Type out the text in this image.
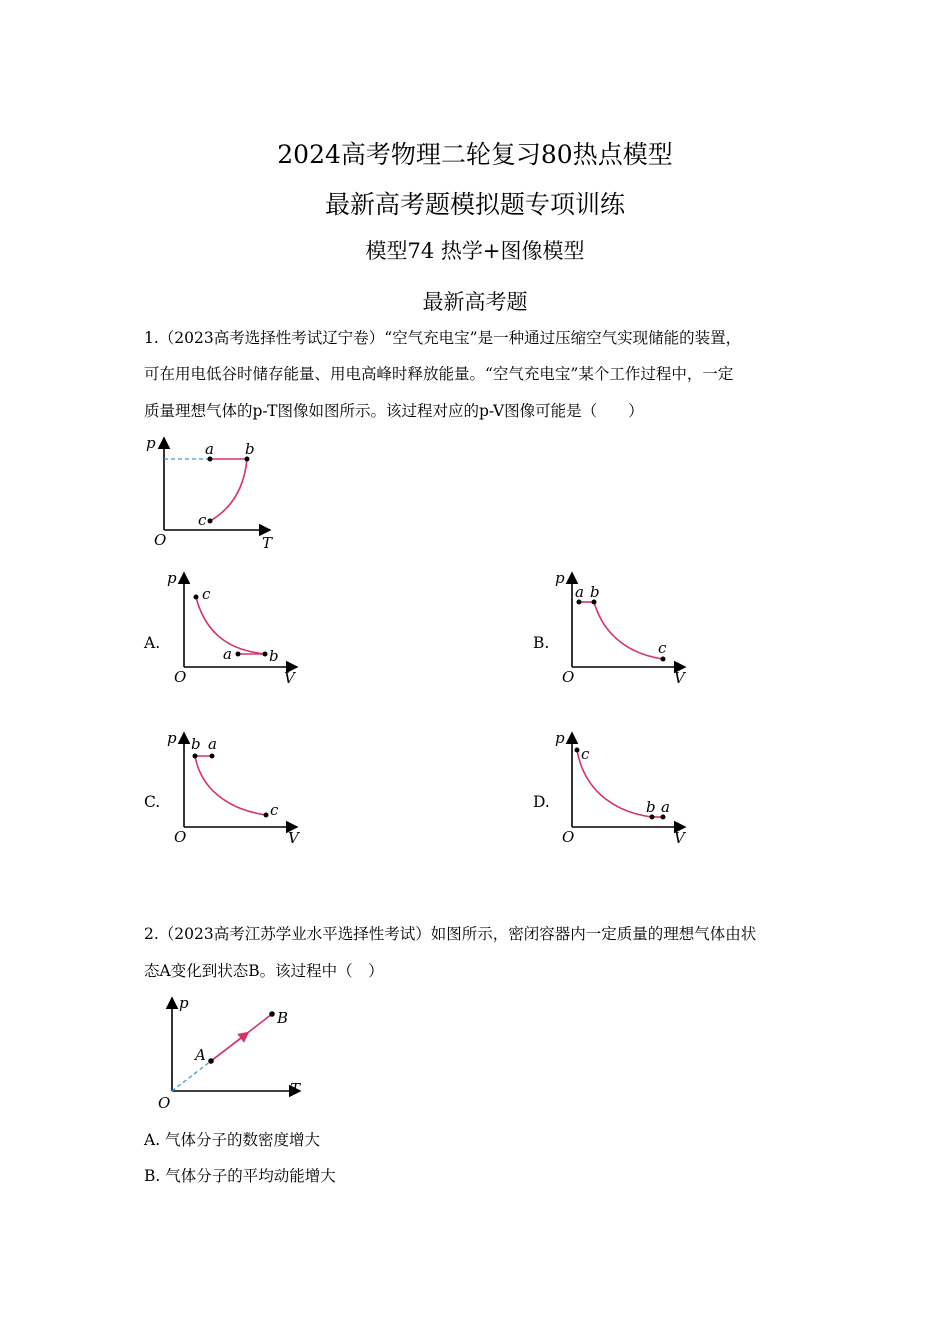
2024高考物理二轮复习80热点模型
最新高考题模拟题专项训练
模型74 热学+图像模型
最新高考题
1.（2023高考选择性考试辽宁卷）“空气充电宝”是一种通过压缩空气实现储能的装置，
可在用电低谷时储存能量、用电高峰时释放能量。“空气充电宝”某个工作过程中，一定
质量理想气体的p-T图像如图所示。该过程对应的p-V图像可能是（　　）
p
O	T
a b
c
A.
p
O	V
c
a b
B.
p
O	V
a b
c
C.
p
O	V
b a
c	D.
p
O	V
c
b a
2.（2023高考江苏学业水平选择性考试）如图所示，密闭容器内一定质量的理想气体由状
态A变化到状态B。该过程中（　）
p
O
T
A
B
A. 气体分子的数密度增大
B. 气体分子的平均动能增大
